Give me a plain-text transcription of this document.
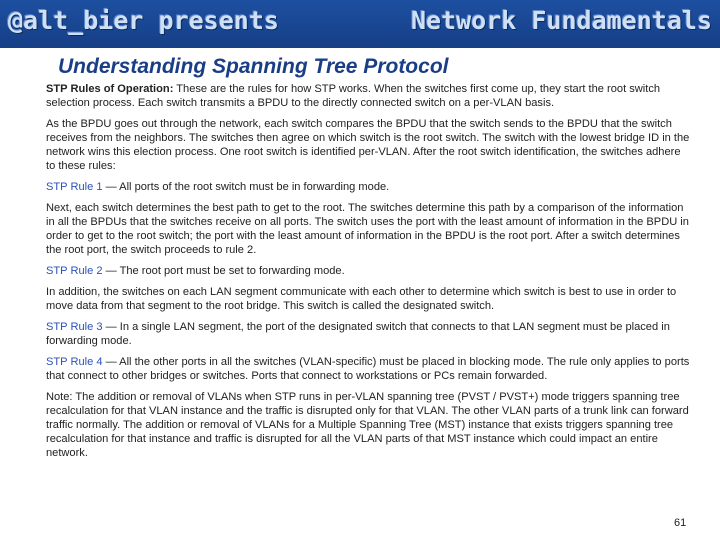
@alt_bier presents	Network Fundamentals
Understanding Spanning Tree Protocol

STP Rules of Operation: These are the rules for how STP works. When the switches first come up, they start the root switch selection process. Each switch transmits a BPDU to the directly connected switch on a per-VLAN basis.

As the BPDU goes out through the network, each switch compares the BPDU that the switch sends to the BPDU that the switch receives from the neighbors. The switches then agree on which switch is the root switch. The switch with the lowest bridge ID in the network wins this election process. One root switch is identified per-VLAN. After the root switch identification, the switches adhere to these rules:

STP Rule 1 — All ports of the root switch must be in forwarding mode.

Next, each switch determines the best path to get to the root. The switches determine this path by a comparison of the information in all the BPDUs that the switches receive on all ports. The switch uses the port with the least amount of information in the BPDU in order to get to the root switch; the port with the least amount of information in the BPDU is the root port. After a switch determines the root port, the switch proceeds to rule 2.

STP Rule 2 — The root port must be set to forwarding mode.

In addition, the switches on each LAN segment communicate with each other to determine which switch is best to use in order to move data from that segment to the root bridge. This switch is called the designated switch.

STP Rule 3 — In a single LAN segment, the port of the designated switch that connects to that LAN segment must be placed in forwarding mode.

STP Rule 4 — All the other ports in all the switches (VLAN-specific) must be placed in blocking mode. The rule only applies to ports that connect to other bridges or switches. Ports that connect to workstations or PCs remain forwarded.

Note: The addition or removal of VLANs when STP runs in per-VLAN spanning tree (PVST / PVST+) mode triggers spanning tree recalculation for that VLAN instance and the traffic is disrupted only for that VLAN. The other VLAN parts of a trunk link can forward traffic normally. The addition or removal of VLANs for a Multiple Spanning Tree (MST) instance that exists triggers spanning tree recalculation for that instance and traffic is disrupted for all the VLAN parts of that MST instance which could impact an entire network.

61
